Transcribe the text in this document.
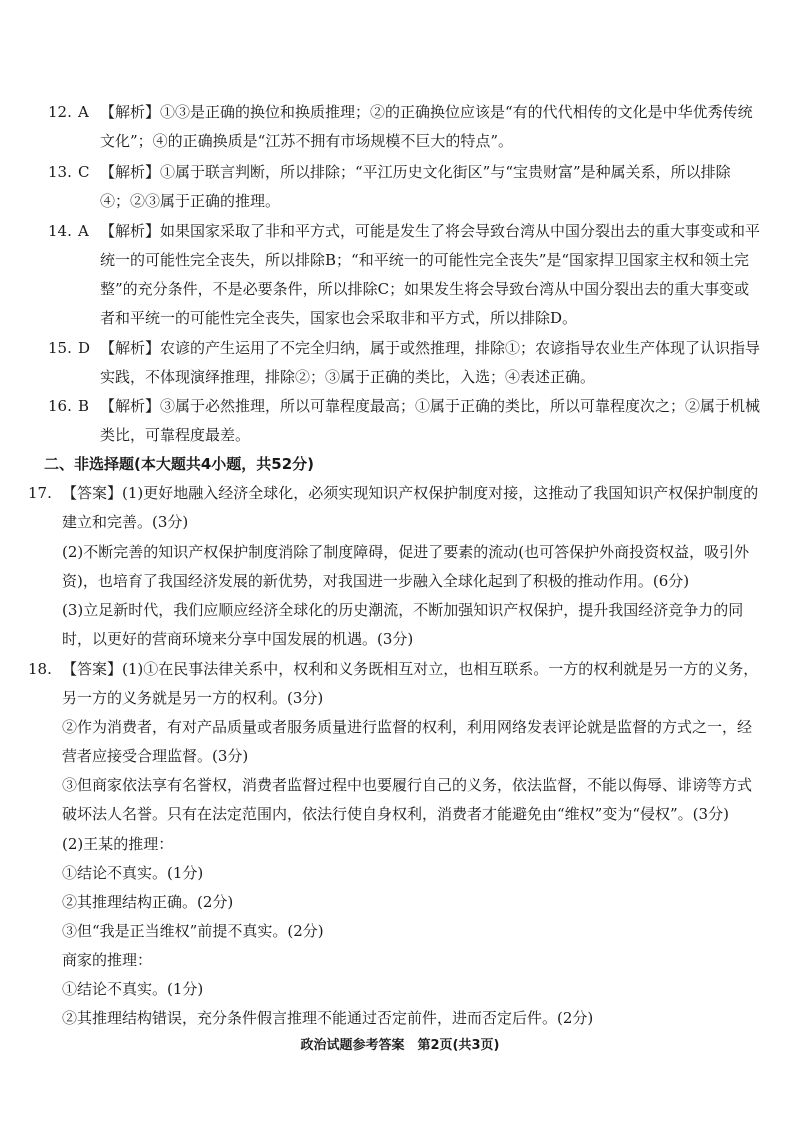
12. A 【解析】①③是正确的换位和换质推理；②的正确换位应该是“有的代代相传的文化是中华优秀传统文化”；④的正确换质是“江苏不拥有市场规模不巨大的特点”。
13. C 【解析】①属于联言判断，所以排除；“平江历史文化街区”与“宝贵财富”是种属关系，所以排除④；②③属于正确的推理。
14. A 【解析】如果国家采取了非和平方式，可能是发生了将会导致台湾从中国分裂出去的重大事变或和平统一的可能性完全丧失，所以排除B；“和平统一的可能性完全丧失”是“国家捍卫国家主权和领土完整”的充分条件，不是必要条件，所以排除C；如果发生将会导致台湾从中国分裂出去的重大事变或者和平统一的可能性完全丧失，国家也会采取非和平方式，所以排除D。
15. D 【解析】农谚的产生运用了不完全归纳，属于或然推理，排除①；农谚指导农业生产体现了认识指导实践，不体现演绎推理，排除②；③属于正确的类比，入选；④表述正确。
16. B 【解析】③属于必然推理，所以可靠程度最高；①属于正确的类比，所以可靠程度次之；②属于机械类比，可靠程度最差。
二、非选择题(本大题共4小题，共52分)
17. 【答案】(1)更好地融入经济全球化，必须实现知识产权保护制度对接，这推动了我国知识产权保护制度的建立和完善。(3分)
(2)不断完善的知识产权保护制度消除了制度障碍，促进了要素的流动(也可答保护外商投资权益，吸引外资)，也培育了我国经济发展的新优势，对我国进一步融入全球化起到了积极的推动作用。(6分)
(3)立足新时代，我们应顺应经济全球化的历史潮流，不断加强知识产权保护，提升我国经济竞争力的同时，以更好的营商环境来分享中国发展的机遇。(3分)
18. 【答案】(1)①在民事法律关系中，权利和义务既相互对立，也相互联系。一方的权利就是另一方的义务，另一方的义务就是另一方的权利。(3分)
②作为消费者，有对产品质量或者服务质量进行监督的权利，利用网络发表评论就是监督的方式之一，经营者应接受合理监督。(3分)
③但商家依法享有名誉权，消费者监督过程中也要履行自己的义务，依法监督，不能以侮辱、诽谤等方式破坏法人名誉。只有在法定范围内，依法行使自身权利，消费者才能避免由“维权”变为“侵权”。(3分)
(2)王某的推理：
①结论不真实。(1分)
②其推理结构正确。(2分)
③但“我是正当维权”前提不真实。(2分)
商家的推理：
①结论不真实。(1分)
政治试题参考答案　第2页(共3页)
②其推理结构错误，充分条件假言推理不能通过否定前件，进而否定后件。(2分)
